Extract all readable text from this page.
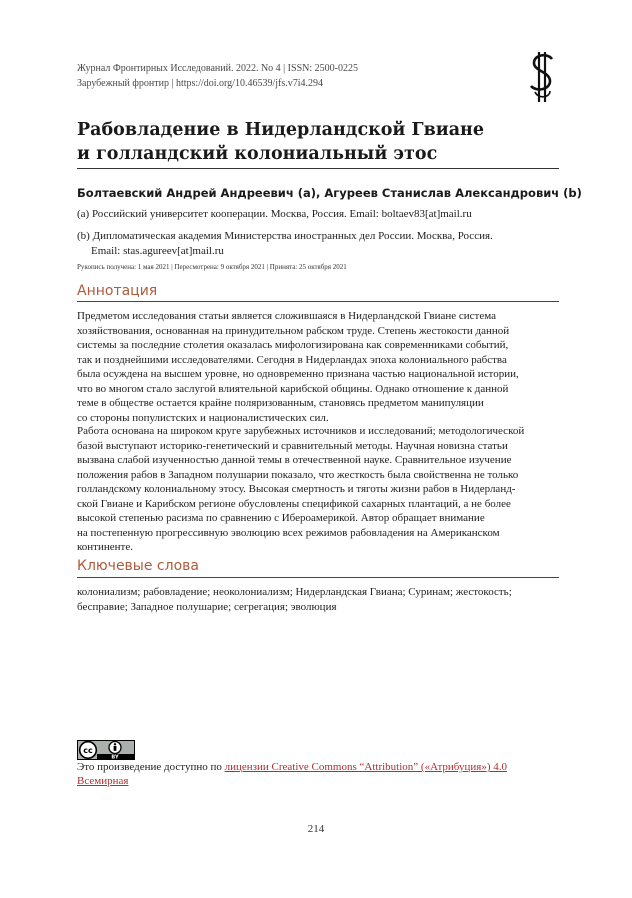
Журнал Фронтирных Исследований. 2022. No 4 | ISSN: 2500-0225
Зарубежный фронтир | https://doi.org/10.46539/jfs.v7i4.294
Рабовладение в Нидерландской Гвиане
и голландский колониальный этос
Болтаевский Андрей Андреевич (a), Агуреев Станислав Александрович (b)
(a) Российский университет кооперации. Москва, Россия. Email: boltaev83[at]mail.ru
(b) Дипломатическая академия Министерства иностранных дел России. Москва, Россия.
Email: stas.agureev[at]mail.ru
Рукопись получена: 1 мая 2021 | Пересмотрена: 9 октября 2021 | Принята: 25 октября 2021
Аннотация
Предметом исследования статьи является сложившаяся в Нидерландской Гвиане система
хозяйствования, основанная на принудительном рабском труде. Степень жестокости данной
системы за последние столетия оказалась мифологизирована как современниками событий,
так и позднейшими исследователями. Сегодня в Нидерландах эпоха колониального рабства
была осуждена на высшем уровне, но одновременно признана частью национальной истории,
что во многом стало заслугой влиятельной карибской общины. Однако отношение к данной
теме в обществе остается крайне поляризованным, становясь предметом манипуляции
со стороны популистских и националистических сил.
Работа основана на широком круге зарубежных источников и исследований; методологической
базой выступают историко-генетический и сравнительный методы. Научная новизна статьи
вызвана слабой изученностью данной темы в отечественной науке. Сравнительное изучение
положения рабов в Западном полушарии показало, что жесткость была свойственна не только
голландскому колониальному этосу. Высокая смертность и тяготы жизни рабов в Нидерланд-
ской Гвиане и Карибском регионе обусловлены спецификой сахарных плантаций, а не более
высокой степенью расизма по сравнению с Ибероамерикой. Автор обращает внимание
на постепенную прогрессивную эволюцию всех режимов рабовладения на Американском
континенте.
Ключевые слова
колониализм; рабовладение; неоколониализм; Нидерландская Гвиана; Суринам; жестокость;
бесправие; Западное полушарие; сегрегация; эволюция
cc
BY
Это произведение доступно по лицензии Creative Commons “Attribution” («Атрибуция») 4.0
Всемирная
214
